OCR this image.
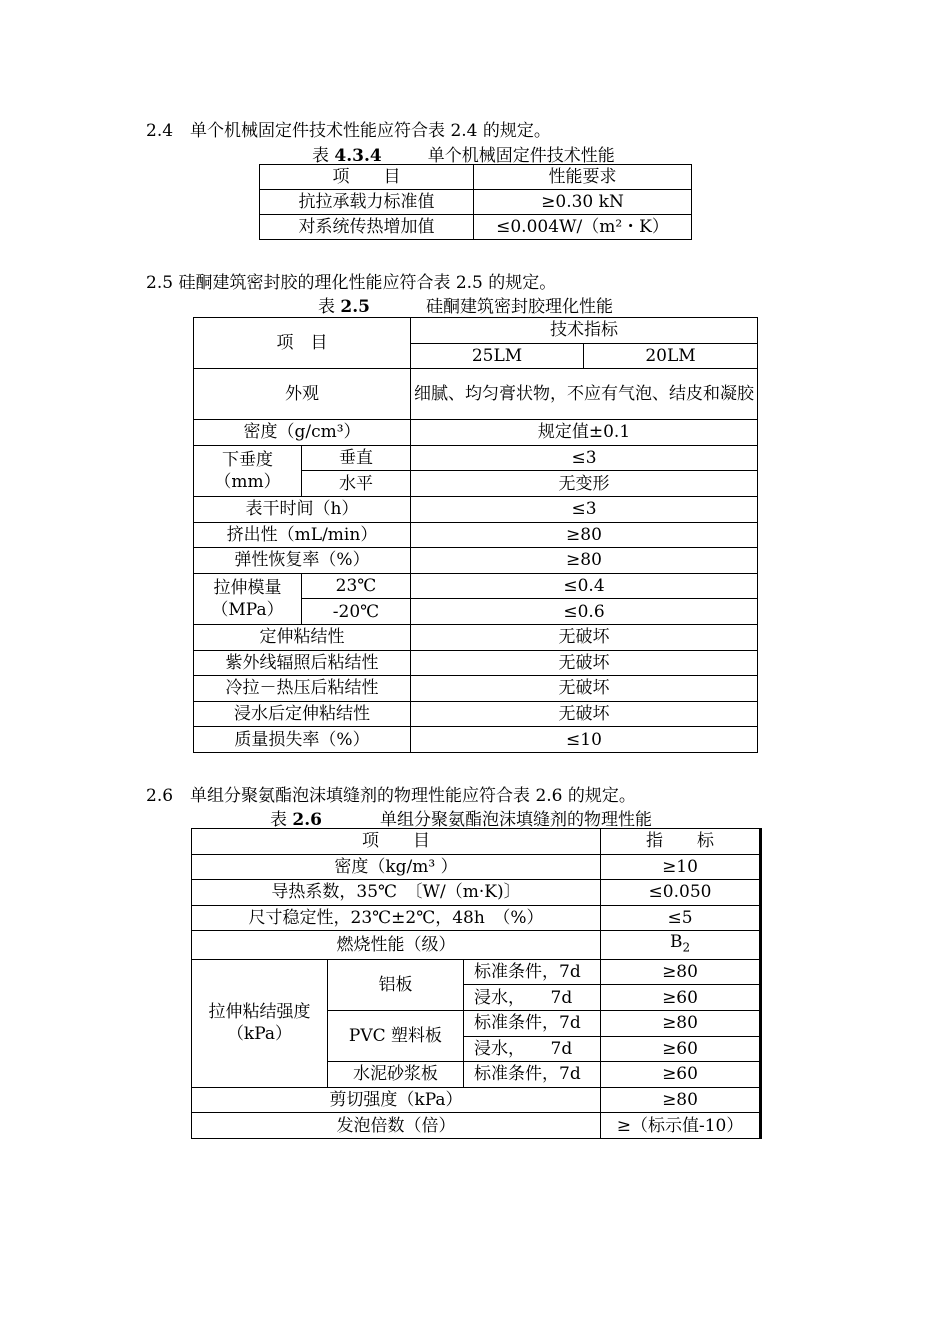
2.4　单个机械固定件技术性能应符合表 2.4 的规定。
表 4.3.4	单个机械固定件技术性能
项　　目	性能要求
抗拉承载力标准值	≥0.30 kN
对系统传热增加值	≤0.004W/（m²・K）
2.5 硅酮建筑密封胶的理化性能应符合表 2.5 的规定。
表 2.5	硅酮建筑密封胶理化性能
项　目		技术指标	
		25LM	20LM
外观		细腻、均匀膏状物，不应有气泡、结皮和凝胶	
密度（g/cm³）		规定值±0.1	
下垂度（mm）	垂直	≤3	
	水平	无变形	
表干时间（h）		≤3	
挤出性（mL/min）		≥80	
弹性恢复率（%）		≥80	
拉伸模量（MPa）	23℃	≤0.4	
	-20℃	≤0.6	
定伸粘结性		无破坏	
紫外线辐照后粘结性		无破坏	
冷拉－热压后粘结性		无破坏	
浸水后定伸粘结性		无破坏	
质量损失率（%）		≤10	
2.6　单组分聚氨酯泡沫填缝剂的物理性能应符合表 2.6 的规定。
表 2.6	单组分聚氨酯泡沫填缝剂的物理性能
项　　目			指　　标
密度（kg/m³ ）			≥10
导热系数，35℃　〔W/（m·K)〕			≤0.050
尺寸稳定性，23℃±2℃，48h　（%）			≤5
燃烧性能（级）			$B_2$
拉伸粘结强度（kPa）	铝板	标准条件，7d	≥80
		浸水，　　7d	≥60
	PVC 塑料板	标准条件，7d	≥80
		浸水，　　7d	≥60
	水泥砂浆板	标准条件，7d	≥60
剪切强度（kPa）			≥80
发泡倍数（倍）			≥（标示值-10）
